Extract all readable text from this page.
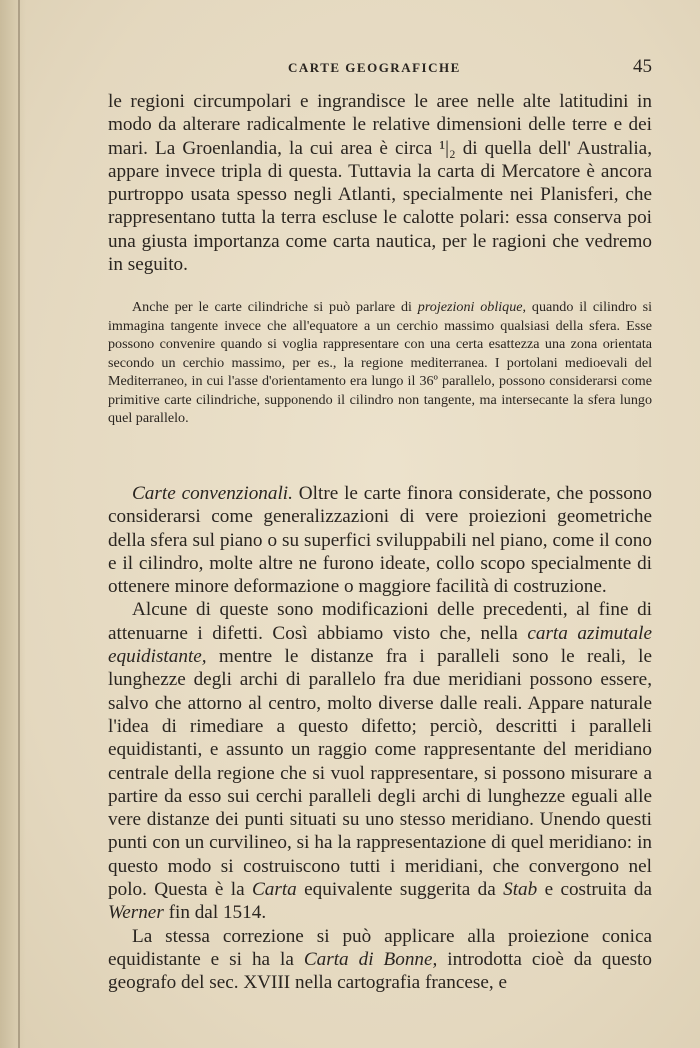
CARTE GEOGRAFICHE	45

le regioni circumpolari e ingrandisce le aree nelle alte latitudini in modo da alterare radicalmente le relative dimensioni delle terre e dei mari. La Groenlandia, la cui area è circa ¹|₂ di quella dell' Australia, appare invece tripla di questa. Tuttavia la carta di Mercatore è ancora purtroppo usata spesso negli Atlanti, specialmente nei Planisferi, che rappresentano tutta la terra escluse le calotte polari: essa conserva poi una giusta importanza come carta nautica, per le ragioni che vedremo in seguito.

Anche per le carte cilindriche si può parlare di projezioni oblique, quando il cilindro si immagina tangente invece che all'equatore a un cerchio massimo qualsiasi della sfera. Esse possono convenire quando si voglia rappresentare con una certa esattezza una zona orientata secondo un cerchio massimo, per es., la regione mediterranea. I portolani medioevali del Mediterraneo, in cui l'asse d'orientamento era lungo il 36º parallelo, possono considerarsi come primitive carte cilindriche, supponendo il cilindro non tangente, ma intersecante la sfera lungo quel parallelo.

Carte convenzionali. Oltre le carte finora considerate, che possono considerarsi come generalizzazioni di vere proiezioni geometriche della sfera sul piano o su superfici sviluppabili nel piano, come il cono e il cilindro, molte altre ne furono ideate, collo scopo specialmente di ottenere minore deformazione o maggiore facilità di costruzione.

Alcune di queste sono modificazioni delle precedenti, al fine di attenuarne i difetti. Così abbiamo visto che, nella carta azimutale equidistante, mentre le distanze fra i paralleli sono le reali, le lunghezze degli archi di parallelo fra due meridiani possono essere, salvo che attorno al centro, molto diverse dalle reali. Appare naturale l'idea di rimediare a questo difetto; perciò, descritti i paralleli equidistanti, e assunto un raggio come rappresentante del meridiano centrale della regione che si vuol rappresentare, si possono misurare a partire da esso sui cerchi paralleli degli archi di lunghezze eguali alle vere distanze dei punti situati su uno stesso meridiano. Unendo questi punti con un curvilineo, si ha la rappresentazione di quel meridiano: in questo modo si costruiscono tutti i meridiani, che convergono nel polo. Questa è la Carta equivalente suggerita da Stab e costruita da Werner fin dal 1514.

La stessa correzione si può applicare alla proiezione conica equidistante e si ha la Carta di Bonne, introdotta cioè da questo geografo del sec. XVIII nella cartografia francese, e
